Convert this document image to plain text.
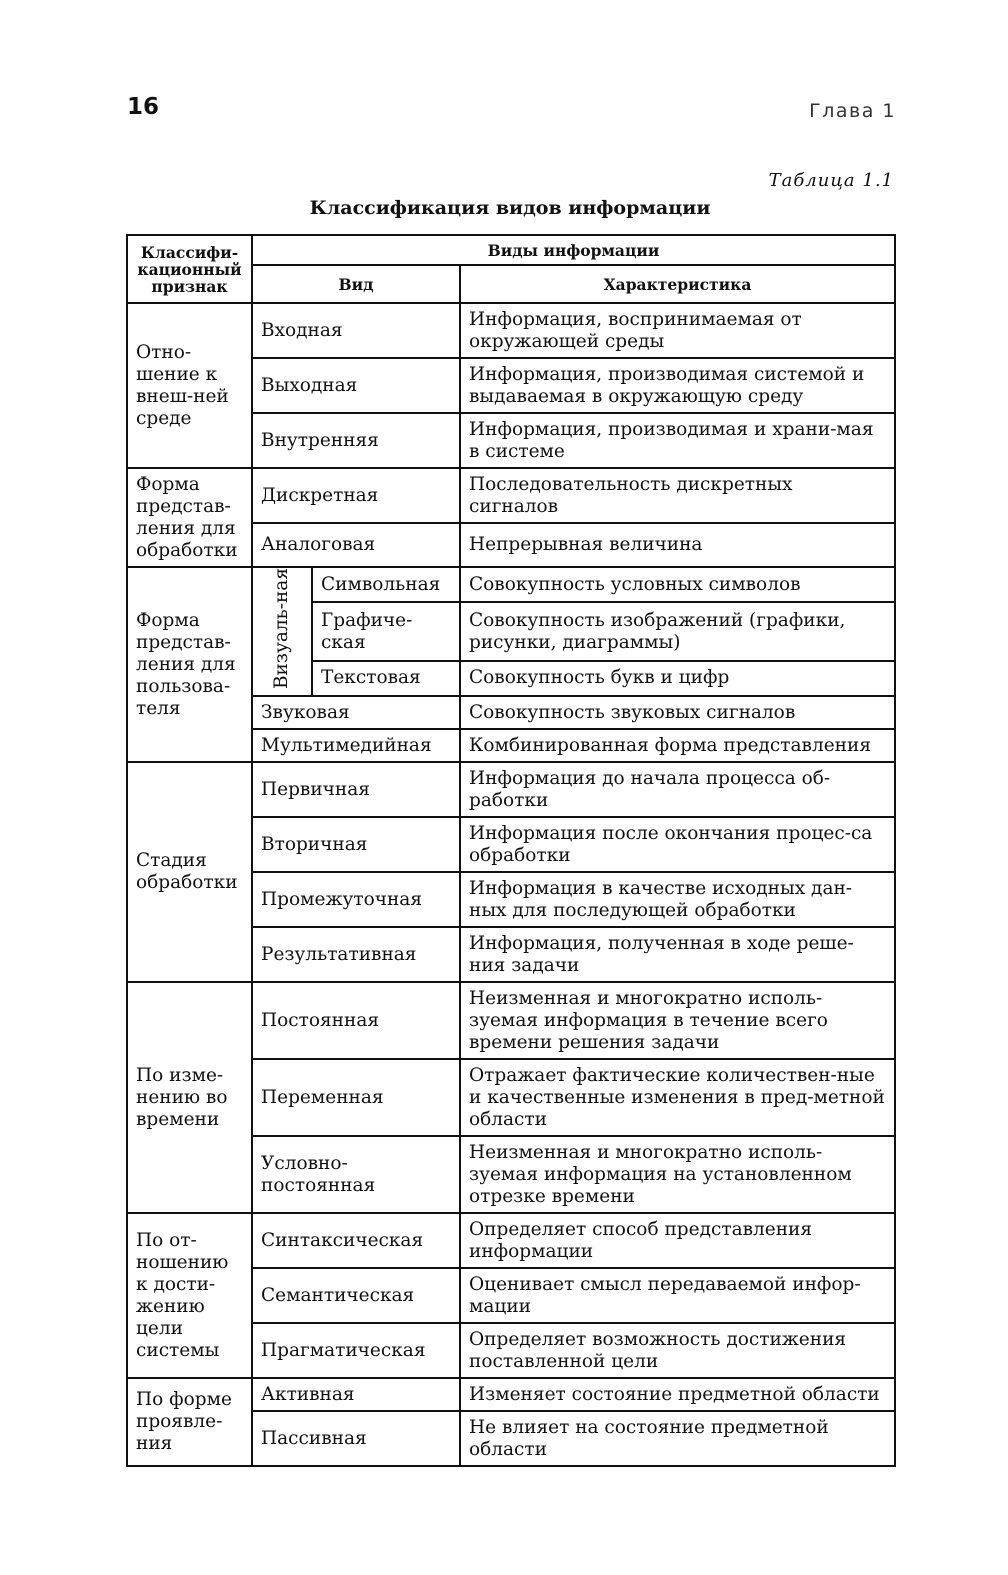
16	Глава 1
Таблица 1.1
Классификация видов информации
Классифи-кационный признак	Виды информации		
	Вид		Характеристика
Отно-шение к внеш-ней среде	Входная		Информация, воспринимаемая от окружающей среды
	Выходная		Информация, производимая системой и выдаваемая в окружающую среду
	Внутренняя		Информация, производимая и храни-мая в системе
Форма представ-ления для обработки	Дискретная		Последовательность дискретных сигналов
	Аналоговая		Непрерывная величина
Форма представ-ления для пользова-теля	Визуаль-ная	Символьная	Совокупность условных символов
		Графиче-ская	Совокупность изображений (графики, рисунки, диаграммы)
		Текстовая	Совокупность букв и цифр
	Звуковая		Совокупность звуковых сигналов
	Мультимедийная		Комбинированная форма представления
Стадия обработки	Первичная		Информация до начала процесса об-работки
	Вторичная		Информация после окончания процес-са обработки
	Промежуточная		Информация в качестве исходных дан-ных для последующей обработки
	Результативная		Информация, полученная в ходе реше-ния задачи
По изме-нению во времени	Постоянная		Неизменная и многократно исполь-зуемая информация в течение всего времени решения задачи
	Переменная		Отражает фактические количествен-ные и качественные изменения в пред-метной области
	Условно-постоянная		Неизменная и многократно исполь-зуемая информация на установленном отрезке времени
По от-ношению к дости-жению цели системы	Синтаксическая		Определяет способ представления информации
	Семантическая		Оценивает смысл передаваемой инфор-мации
	Прагматическая		Определяет возможность достижения поставленной цели
По форме проявле-ния	Активная		Изменяет состояние предметной области
	Пассивная		Не влияет на состояние предметной области
